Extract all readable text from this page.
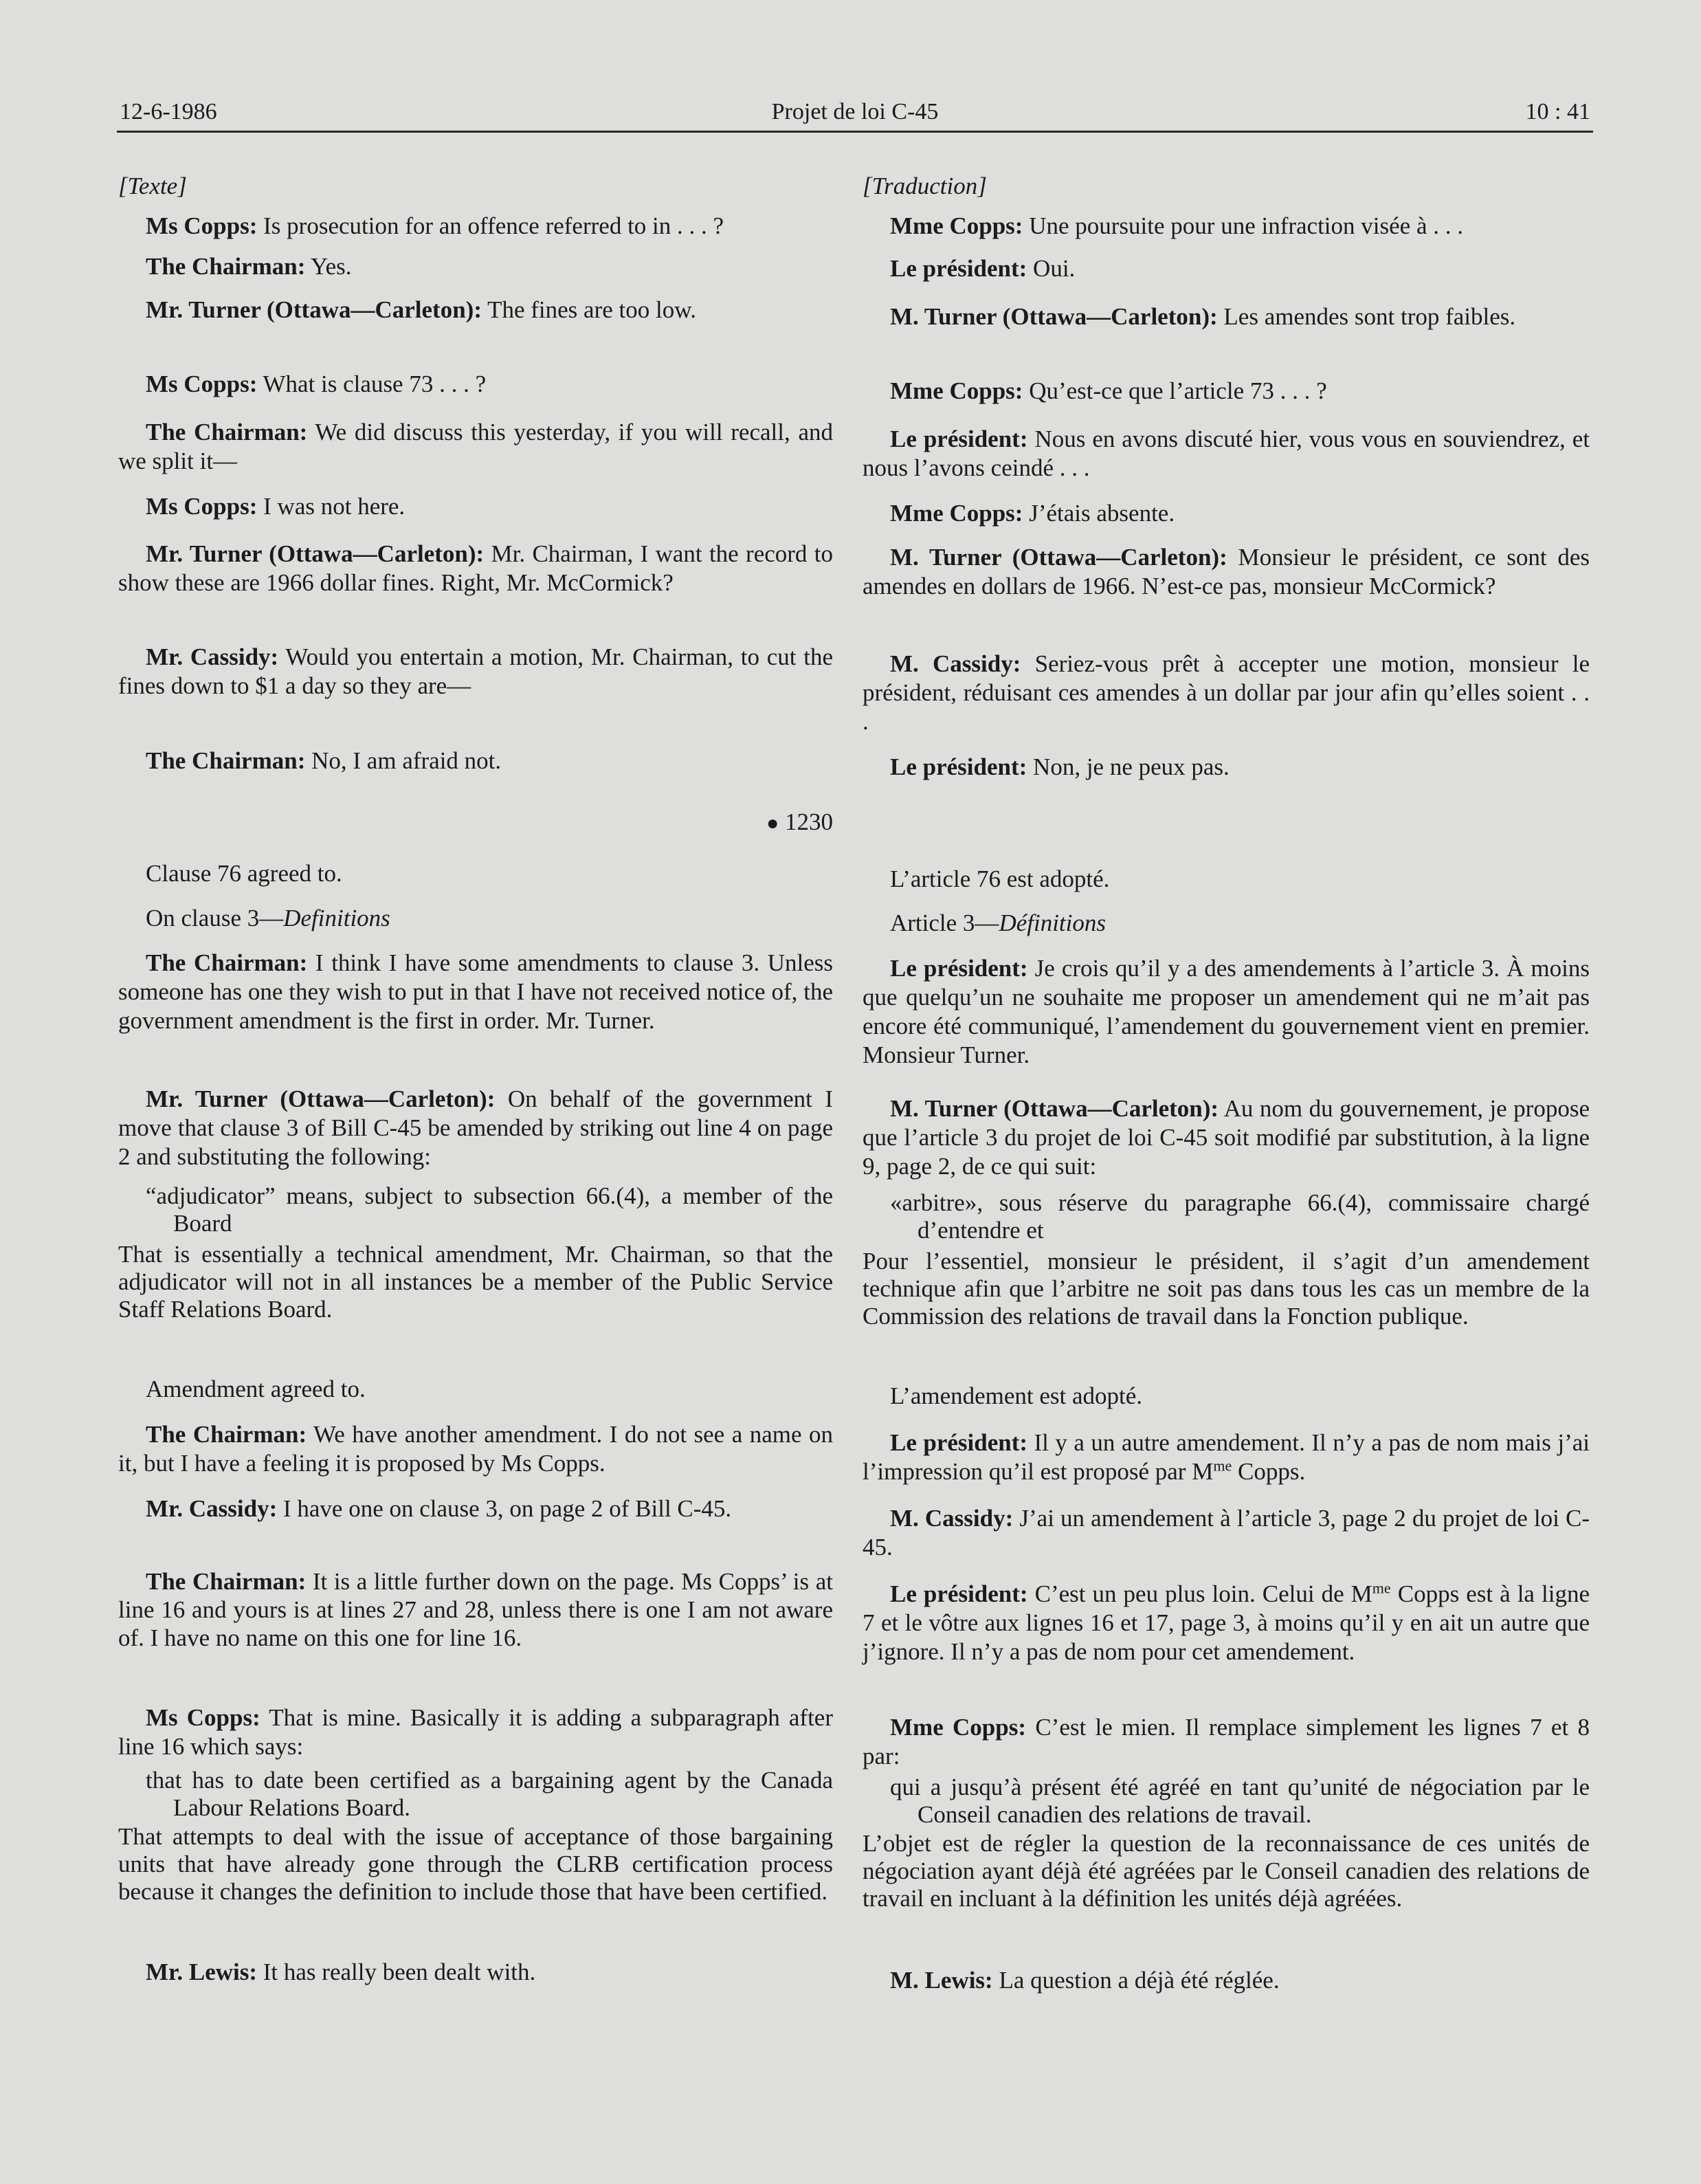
12-6-1986	Projet de loi C-45	10 : 41

[Texte]

Ms Copps: Is prosecution for an offence referred to in . . . ?

The Chairman: Yes.

Mr. Turner (Ottawa—Carleton): The fines are too low.

Ms Copps: What is clause 73 . . . ?

The Chairman: We did discuss this yesterday, if you will recall, and we split it—

Ms Copps: I was not here.

Mr. Turner (Ottawa—Carleton): Mr. Chairman, I want the record to show these are 1966 dollar fines. Right, Mr. McCormick?

Mr. Cassidy: Would you entertain a motion, Mr. Chairman, to cut the fines down to $1 a day so they are—

The Chairman: No, I am afraid not.

● 1230

Clause 76 agreed to.

On clause 3—Definitions

The Chairman: I think I have some amendments to clause 3. Unless someone has one they wish to put in that I have not received notice of, the government amendment is the first in order. Mr. Turner.

Mr. Turner (Ottawa—Carleton): On behalf of the government I move that clause 3 of Bill C-45 be amended by striking out line 4 on page 2 and substituting the following:

“adjudicator” means, subject to subsection 66.(4), a member of the Board

That is essentially a technical amendment, Mr. Chairman, so that the adjudicator will not in all instances be a member of the Public Service Staff Relations Board.

Amendment agreed to.

The Chairman: We have another amendment. I do not see a name on it, but I have a feeling it is proposed by Ms Copps.

Mr. Cassidy: I have one on clause 3, on page 2 of Bill C-45.

The Chairman: It is a little further down on the page. Ms Copps’ is at line 16 and yours is at lines 27 and 28, unless there is one I am not aware of. I have no name on this one for line 16.

Ms Copps: That is mine. Basically it is adding a subparagraph after line 16 which says:

that has to date been certified as a bargaining agent by the Canada Labour Relations Board.

That attempts to deal with the issue of acceptance of those bargaining units that have already gone through the CLRB certification process because it changes the definition to include those that have been certified.

Mr. Lewis: It has really been dealt with.

[Traduction]

Mme Copps: Une poursuite pour une infraction visée à . . .

Le président: Oui.

M. Turner (Ottawa—Carleton): Les amendes sont trop faibles.

Mme Copps: Qu’est-ce que l’article 73 . . . ?

Le président: Nous en avons discuté hier, vous vous en souviendrez, et nous l’avons ceindé . . .

Mme Copps: J’étais absente.

M. Turner (Ottawa—Carleton): Monsieur le président, ce sont des amendes en dollars de 1966. N’est-ce pas, monsieur McCormick?

M. Cassidy: Seriez-vous prêt à accepter une motion, monsieur le président, réduisant ces amendes à un dollar par jour afin qu’elles soient . . .

Le président: Non, je ne peux pas.

L’article 76 est adopté.

Article 3—Définitions

Le président: Je crois qu’il y a des amendements à l’article 3. À moins que quelqu’un ne souhaite me proposer un amendement qui ne m’ait pas encore été communiqué, l’amendement du gouvernement vient en premier. Monsieur Turner.

M. Turner (Ottawa—Carleton): Au nom du gouvernement, je propose que l’article 3 du projet de loi C-45 soit modifié par substitution, à la ligne 9, page 2, de ce qui suit:

«arbitre», sous réserve du paragraphe 66.(4), commissaire chargé d’entendre et

Pour l’essentiel, monsieur le président, il s’agit d’un amendement technique afin que l’arbitre ne soit pas dans tous les cas un membre de la Commission des relations de travail dans la Fonction publique.

L’amendement est adopté.

Le président: Il y a un autre amendement. Il n’y a pas de nom mais j’ai l’impression qu’il est proposé par $M^{me}$ Copps.

M. Cassidy: J’ai un amendement à l’article 3, page 2 du projet de loi C-45.

Le président: C’est un peu plus loin. Celui de $M^{me}$ Copps est à la ligne 7 et le vôtre aux lignes 16 et 17, page 3, à moins qu’il y en ait un autre que j’ignore. Il n’y a pas de nom pour cet amendement.

Mme Copps: C’est le mien. Il remplace simplement les lignes 7 et 8 par:

qui a jusqu’à présent été agréé en tant qu’unité de négociation par le Conseil canadien des relations de travail.

L’objet est de régler la question de la reconnaissance de ces unités de négociation ayant déjà été agréées par le Conseil canadien des relations de travail en incluant à la définition les unités déjà agréées.

M. Lewis: La question a déjà été réglée.
